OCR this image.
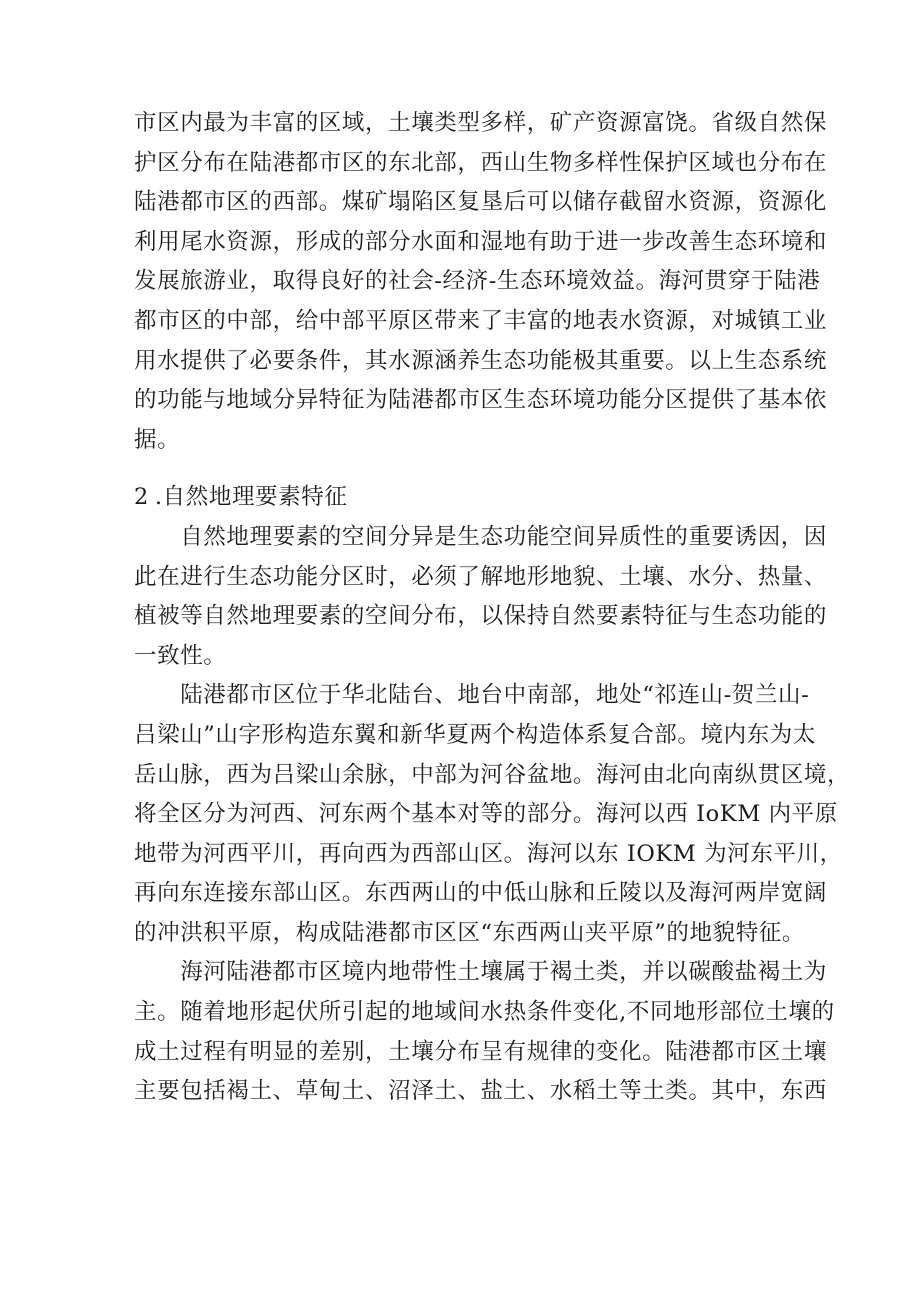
市区内最为丰富的区域，土壤类型多样，矿产资源富饶。省级自然保
护区分布在陆港都市区的东北部，西山生物多样性保护区域也分布在
陆港都市区的西部。煤矿塌陷区复垦后可以储存截留水资源，资源化
利用尾水资源，形成的部分水面和湿地有助于进一步改善生态环境和
发展旅游业，取得良好的社会-经济-生态环境效益。海河贯穿于陆港
都市区的中部，给中部平原区带来了丰富的地表水资源，对城镇工业
用水提供了必要条件，其水源涵养生态功能极其重要。以上生态系统
的功能与地域分异特征为陆港都市区生态环境功能分区提供了基本依
据。
2 .自然地理要素特征
　　自然地理要素的空间分异是生态功能空间异质性的重要诱因，因
此在进行生态功能分区时，必须了解地形地貌、土壤、水分、热量、
植被等自然地理要素的空间分布，以保持自然要素特征与生态功能的
一致性。
　　陆港都市区位于华北陆台、地台中南部，地处“祁连山-贺兰山-
吕梁山”山字形构造东翼和新华夏两个构造体系复合部。境内东为太
岳山脉，西为吕梁山余脉，中部为河谷盆地。海河由北向南纵贯区境，
将全区分为河西、河东两个基本对等的部分。海河以西 IoKM 内平原
地带为河西平川，再向西为西部山区。海河以东 IOKM 为河东平川，
再向东连接东部山区。东西两山的中低山脉和丘陵以及海河两岸宽阔
的冲洪积平原，构成陆港都市区区“东西两山夹平原”的地貌特征。
　　海河陆港都市区境内地带性土壤属于褐土类，并以碳酸盐褐土为
主。随着地形起伏所引起的地域间水热条件变化,不同地形部位土壤的
成土过程有明显的差别，土壤分布呈有规律的变化。陆港都市区土壤
主要包括褐土、草甸土、沼泽土、盐土、水稻土等土类。其中，东西
